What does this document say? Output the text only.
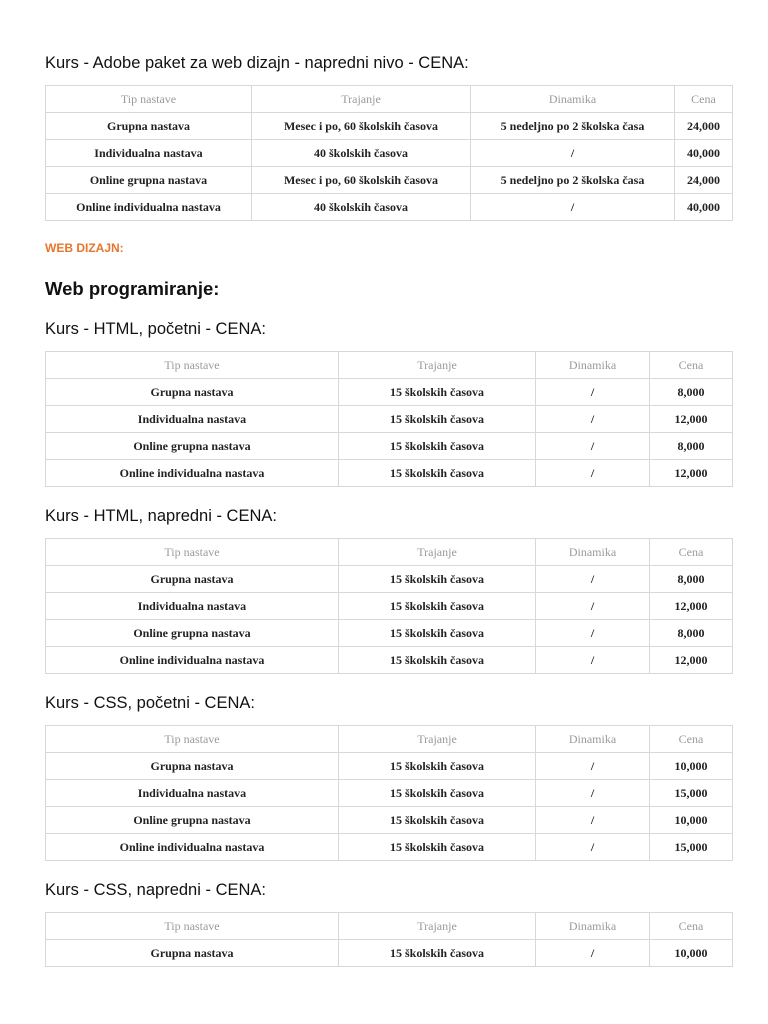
Kurs - Adobe paket za web dizajn - napredni nivo - CENA:
Tip nastave	Trajanje	Dinamika	Cena
Grupna nastava	Mesec i po, 60 školskih časova	5 nedeljno po 2 školska časa	24,000
Individualna nastava	40 školskih časova	/	40,000
Online grupna nastava	Mesec i po, 60 školskih časova	5 nedeljno po 2 školska časa	24,000
Online individualna nastava	40 školskih časova	/	40,000
WEB DIZAJN:
Web programiranje:
Kurs - HTML, početni - CENA:
Tip nastave	Trajanje	Dinamika	Cena
Grupna nastava	15 školskih časova	/	8,000
Individualna nastava	15 školskih časova	/	12,000
Online grupna nastava	15 školskih časova	/	8,000
Online individualna nastava	15 školskih časova	/	12,000
Kurs - HTML, napredni - CENA:
Tip nastave	Trajanje	Dinamika	Cena
Grupna nastava	15 školskih časova	/	8,000
Individualna nastava	15 školskih časova	/	12,000
Online grupna nastava	15 školskih časova	/	8,000
Online individualna nastava	15 školskih časova	/	12,000
Kurs - CSS, početni - CENA:
Tip nastave	Trajanje	Dinamika	Cena
Grupna nastava	15 školskih časova	/	10,000
Individualna nastava	15 školskih časova	/	15,000
Online grupna nastava	15 školskih časova	/	10,000
Online individualna nastava	15 školskih časova	/	15,000
Kurs - CSS, napredni - CENA:
Tip nastave	Trajanje	Dinamika	Cena
Grupna nastava	15 školskih časova	/	10,000
